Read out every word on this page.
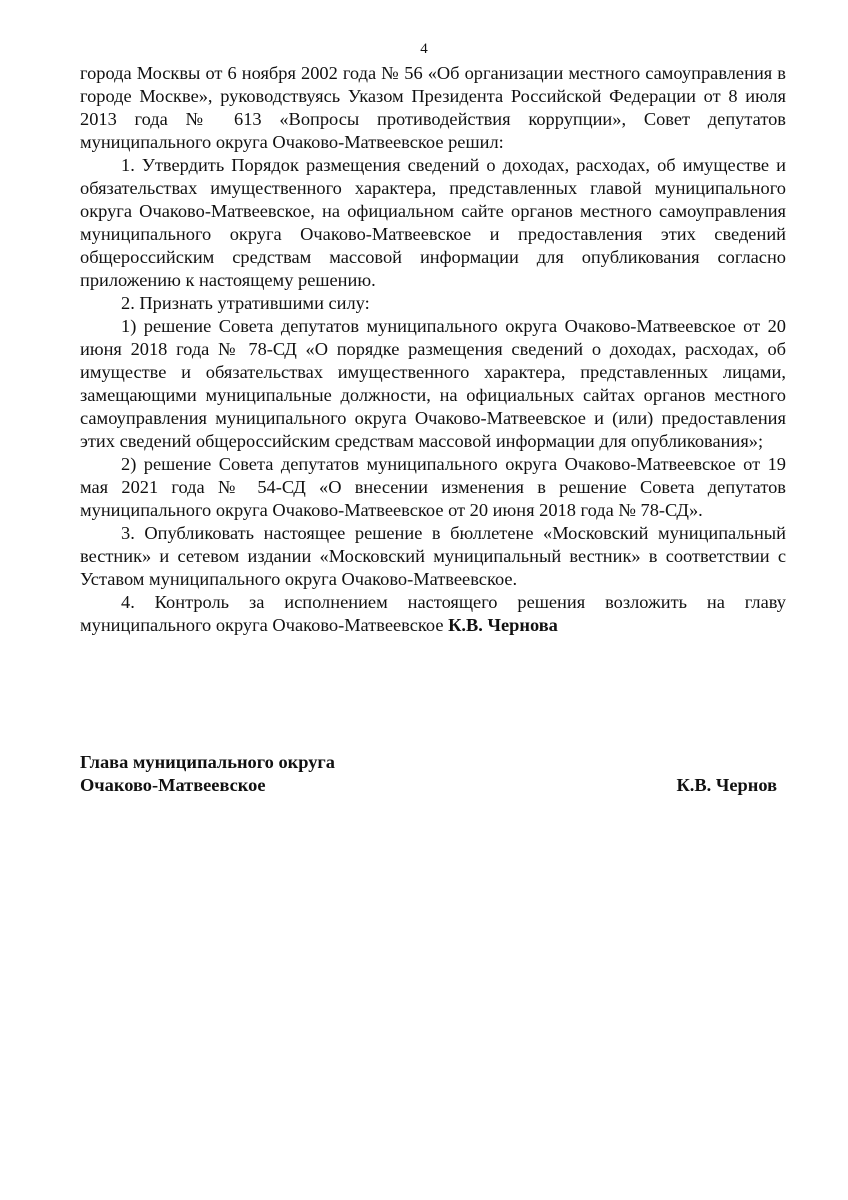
4

города Москвы от 6 ноября 2002 года № 56 «Об организации местного самоуправления в городе Москве», руководствуясь Указом Президента Российской Федерации от 8 июля 2013 года № 613 «Вопросы противодействия коррупции», Совет депутатов муниципального округа Очаково-Матвеевское решил:

1. Утвердить Порядок размещения сведений о доходах, расходах, об имуществе и обязательствах имущественного характера, представленных главой муниципального округа Очаково-Матвеевское, на официальном сайте органов местного самоуправления муниципального округа Очаково-Матвеевское и предоставления этих сведений общероссийским средствам массовой информации для опубликования согласно приложению к настоящему решению.

2. Признать утратившими силу:

1) решение Совета депутатов муниципального округа Очаково-Матвеевское от 20 июня 2018 года № 78-СД «О порядке размещения сведений о доходах, расходах, об имуществе и обязательствах имущественного характера, представленных лицами, замещающими муниципальные должности, на официальных сайтах органов местного самоуправления муниципального округа Очаково-Матвеевское и (или) предоставления этих сведений общероссийским средствам массовой информации для опубликования»;

2) решение Совета депутатов муниципального округа Очаково-Матвеевское от 19 мая 2021 года № 54-СД «О внесении изменения в решение Совета депутатов муниципального округа Очаково-Матвеевское от 20 июня 2018 года № 78-СД».

3. Опубликовать настоящее решение в бюллетене «Московский муниципальный вестник» и сетевом издании «Московский муниципальный вестник» в соответствии с Уставом муниципального округа Очаково-Матвеевское.

4. Контроль за исполнением настоящего решения возложить на главу муниципального округа Очаково-Матвеевское К.В. Чернова

Глава муниципального округа
Очаково-Матвеевское	К.В. Чернов
